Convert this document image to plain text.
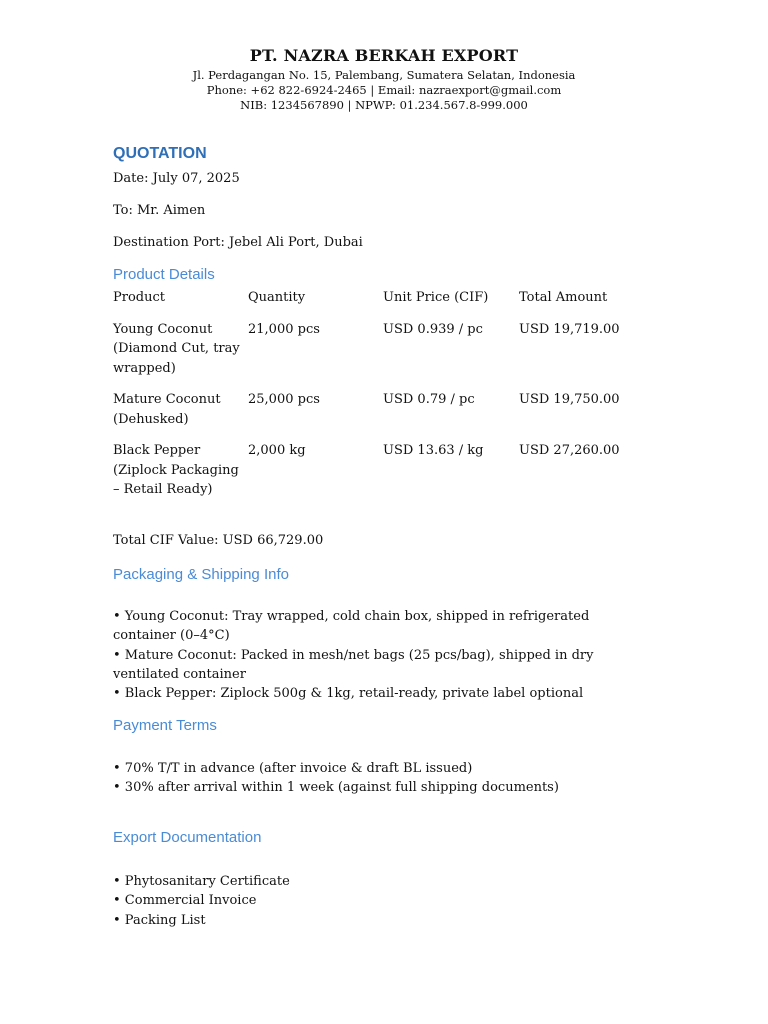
PT. NAZRA BERKAH EXPORT
Jl. Perdagangan No. 15, Palembang, Sumatera Selatan, Indonesia
Phone: +62 822-6924-2465 | Email: nazraexport@gmail.com
NIB: 1234567890 | NPWP: 01.234.567.8-999.000
QUOTATION
Date: July 07, 2025
To: Mr. Aimen
Destination Port: Jebel Ali Port, Dubai
Product Details
Product	Quantity	Unit Price (CIF)	Total Amount

Young Coconut (Diamond Cut, tray wrapped)	21,000 pcs	USD 0.939 / pc	USD 19,719.00

Mature Coconut (Dehusked)	25,000 pcs	USD 0.79 / pc	USD 19,750.00

Black Pepper (Ziplock Packaging – Retail Ready)	2,000 kg	USD 13.63 / kg	USD 27,260.00
Total CIF Value: USD 66,729.00
Packaging & Shipping Info
• Young Coconut: Tray wrapped, cold chain box, shipped in refrigerated container (0–4°C)
• Mature Coconut: Packed in mesh/net bags (25 pcs/bag), shipped in dry ventilated container
• Black Pepper: Ziplock 500g & 1kg, retail-ready, private label optional
Payment Terms
• 70% T/T in advance (after invoice & draft BL issued)
• 30% after arrival within 1 week (against full shipping documents)
Export Documentation
• Phytosanitary Certificate
• Commercial Invoice
• Packing List
